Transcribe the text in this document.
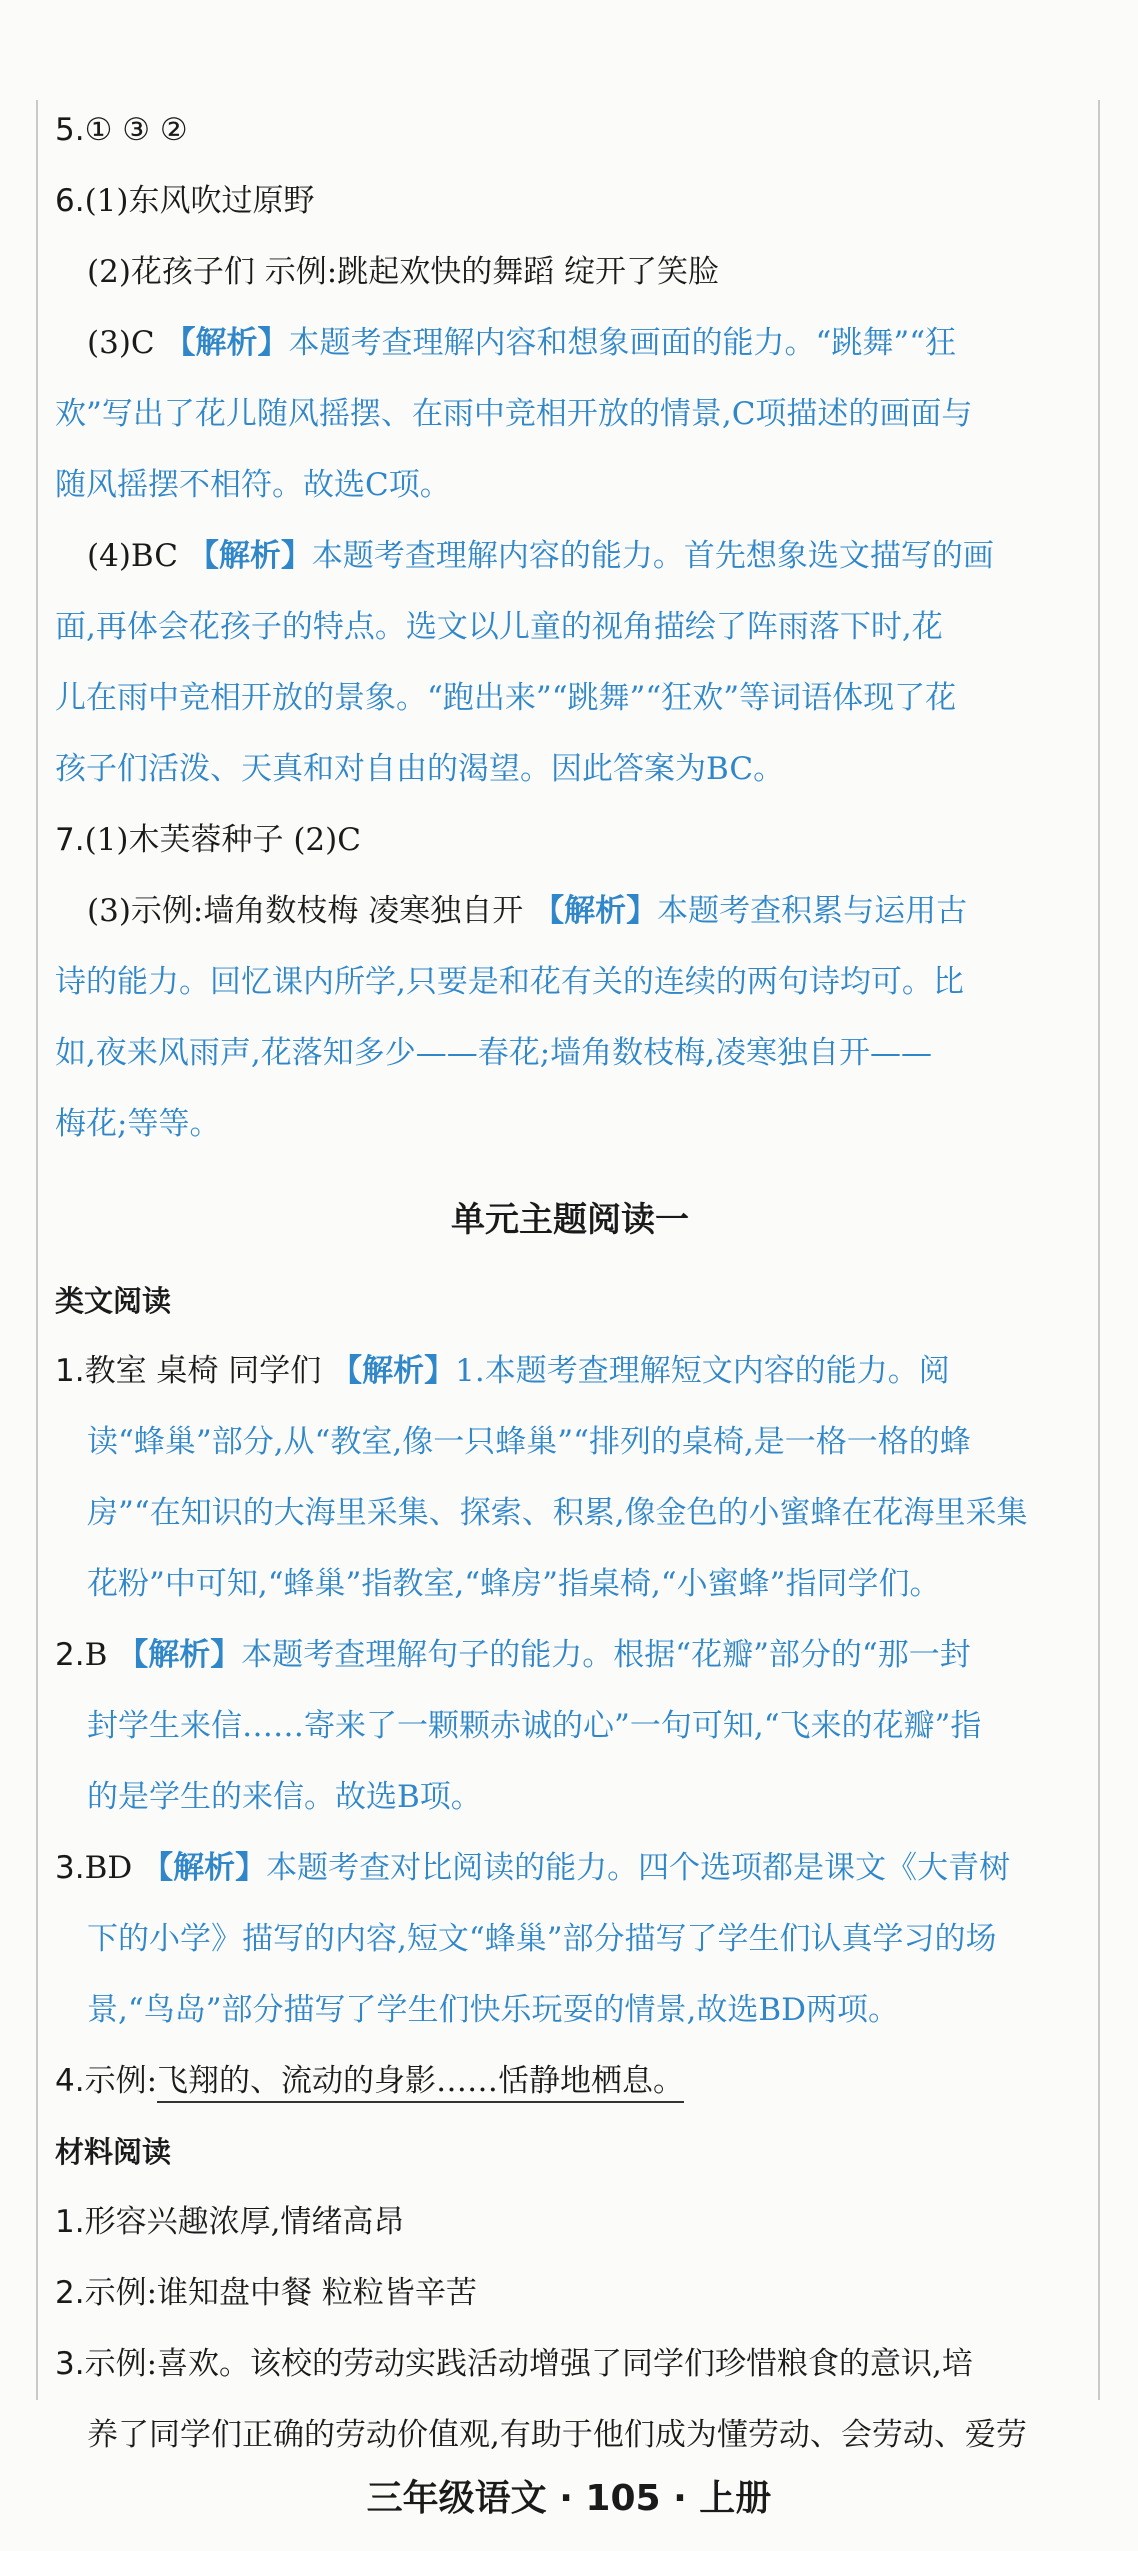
5.① ③ ②

6.(1)东风吹过原野

(2)花孩子们 示例:跳起欢快的舞蹈 绽开了笑脸

(3)C 【解析】本题考查理解内容和想象画面的能力。“跳舞”“狂

欢”写出了花儿随风摇摆、在雨中竞相开放的情景,C项描述的画面与

随风摇摆不相符。故选C项。

(4)BC 【解析】本题考查理解内容的能力。首先想象选文描写的画

面,再体会花孩子的特点。选文以儿童的视角描绘了阵雨落下时,花

儿在雨中竞相开放的景象。“跑出来”“跳舞”“狂欢”等词语体现了花

孩子们活泼、天真和对自由的渴望。因此答案为BC。

7.(1)木芙蓉种子 (2)C

(3)示例:墙角数枝梅 凌寒独自开 【解析】本题考查积累与运用古

诗的能力。回忆课内所学,只要是和花有关的连续的两句诗均可。比

如,夜来风雨声,花落知多少——春花;墙角数枝梅,凌寒独自开——

梅花;等等。

单元主题阅读一

类文阅读

1.教室 桌椅 同学们 【解析】1.本题考查理解短文内容的能力。阅

读“蜂巢”部分,从“教室,像一只蜂巢”“排列的桌椅,是一格一格的蜂

房”“在知识的大海里采集、探索、积累,像金色的小蜜蜂在花海里采集

花粉”中可知,“蜂巢”指教室,“蜂房”指桌椅,“小蜜蜂”指同学们。

2.B 【解析】本题考查理解句子的能力。根据“花瓣”部分的“那一封

封学生来信……寄来了一颗颗赤诚的心”一句可知,“飞来的花瓣”指

的是学生的来信。故选B项。

3.BD 【解析】本题考查对比阅读的能力。四个选项都是课文《大青树

下的小学》描写的内容,短文“蜂巢”部分描写了学生们认真学习的场

景,“鸟岛”部分描写了学生们快乐玩耍的情景,故选BD两项。

4.示例:飞翔的、流动的身影……恬静地栖息。

材料阅读

1.形容兴趣浓厚,情绪高昂

2.示例:谁知盘中餐 粒粒皆辛苦

3.示例:喜欢。该校的劳动实践活动增强了同学们珍惜粮食的意识,培

养了同学们正确的劳动价值观,有助于他们成为懂劳动、会劳动、爱劳

三年级语文 · 105 · 上册
